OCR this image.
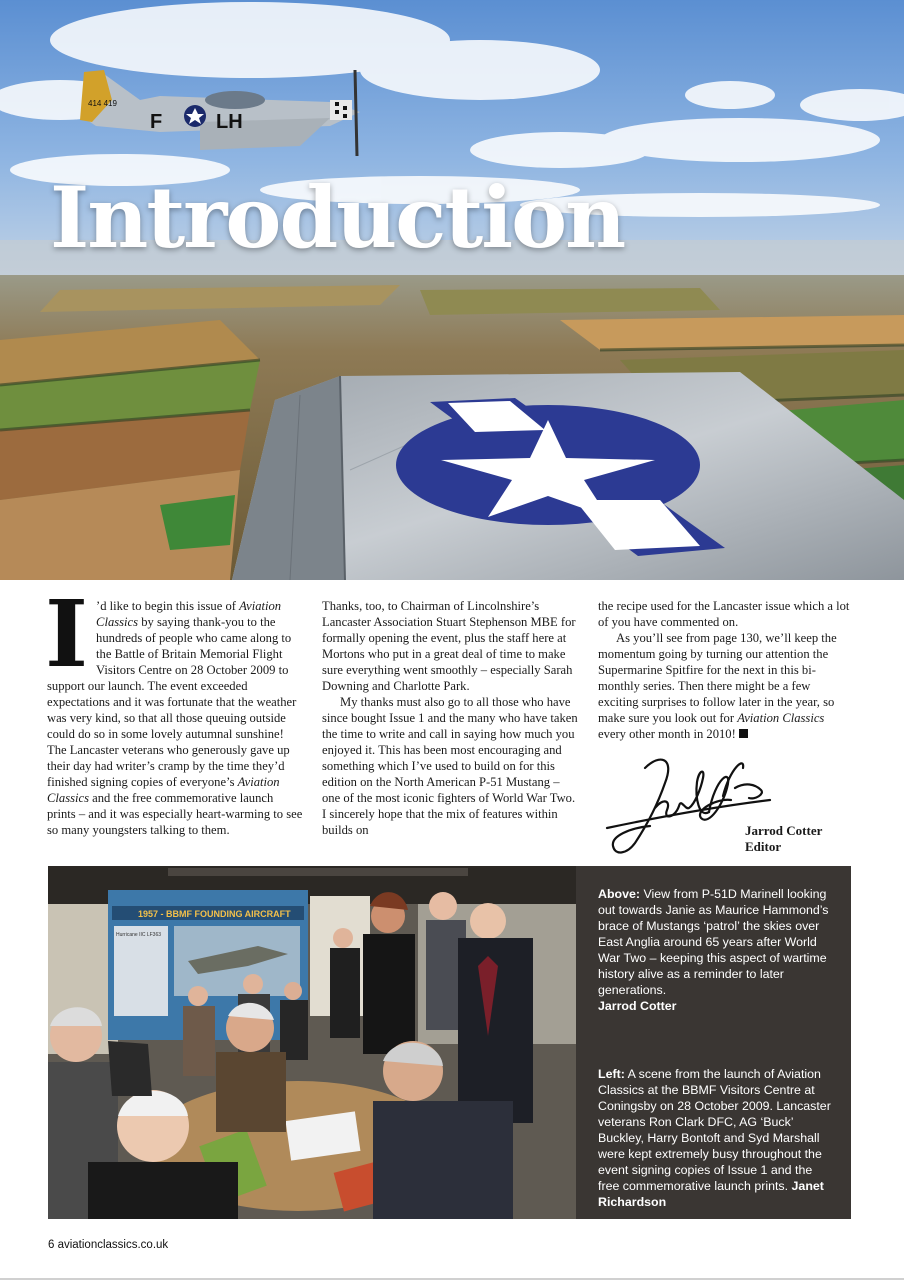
F	LH
414 419
Introduction
I ’d like to begin this issue of Aviation Classics by saying thank-you to the hundreds of people who came along to the Battle of Britain Memorial Flight Visitors Centre on 28 October 2009 to support our launch. The event exceeded expectations and it was fortunate that the weather was very kind, so that all those queuing outside could do so in some lovely autumnal sunshine! The Lancaster veterans who generously gave up their day had writer’s cramp by the time they’d finished signing copies of everyone’s Aviation Classics and the free commemorative launch prints – and it was especially heart-warming to see so many youngsters talking to them.

Thanks, too, to Chairman of Lincolnshire’s Lancaster Association Stuart Stephenson MBE for formally opening the event, plus the staff here at Mortons who put in a great deal of time to make sure everything went smoothly – especially Sarah Downing and Charlotte Park.

My thanks must also go to all those who have since bought Issue 1 and the many who have taken the time to write and call in saying how much you enjoyed it. This has been most encouraging and something which I’ve used to build on for this edition on the North American P-51 Mustang – one of the most iconic fighters of World War Two. I sincerely hope that the mix of features within builds on

the recipe used for the Lancaster issue which a lot of you have commented on.

As you’ll see from page 130, we’ll keep the momentum going by turning our attention the Supermarine Spitfire for the next in this bi-monthly series. Then there might be a few exciting surprises to follow later in the year, so make sure you look out for Aviation Classics every other month in 2010!

Jarrod Cotter
Editor
1957 - BBMF FOUNDING AIRCRAFT
Hurricane IIC LF363

Above: View from P-51D Marinell looking out towards Janie as Maurice Hammond’s brace of Mustangs ‘patrol’ the skies over East Anglia around 65 years after World War Two – keeping this aspect of wartime history alive as a reminder to later generations.
Jarrod Cotter

Left: A scene from the launch of Aviation Classics at the BBMF Visitors Centre at Coningsby on 28 October 2009. Lancaster veterans Ron Clark DFC, AG ‘Buck’ Buckley, Harry Bontoft and Syd Marshall were kept extremely busy throughout the event signing copies of Issue 1 and the free commemorative launch prints. Janet Richardson

6 aviationclassics.co.uk
